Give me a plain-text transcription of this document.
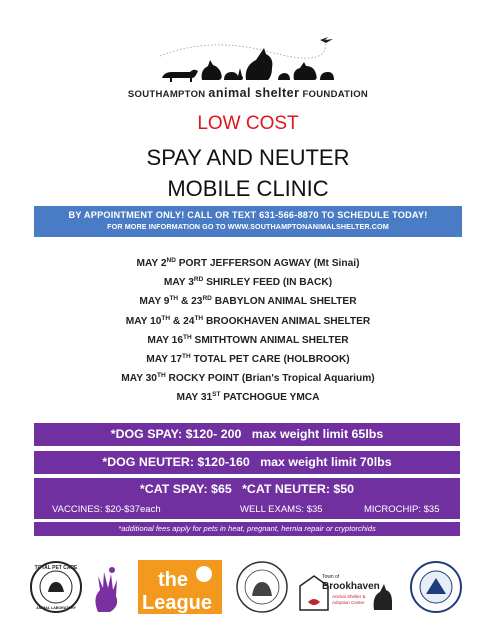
SOUTHAMPTON animal shelter FOUNDATION
LOW COST
SPAY AND NEUTER
MOBILE CLINIC
BY APPOINTMENT ONLY! CALL OR TEXT 631-566-8870 TO SCHEDULE TODAY!
FOR MORE INFORMATION GO TO WWW.SOUTHAMPTONANIMALSHELTER.COM
MAY 2ND PORT JEFFERSON AGWAY (Mt Sinai)
MAY 3RD SHIRLEY FEED (IN BACK)
MAY 9TH & 23RD BABYLON ANIMAL SHELTER
MAY 10TH & 24TH BROOKHAVEN ANIMAL SHELTER
MAY 16TH SMITHTOWN ANIMAL SHELTER
MAY 17TH TOTAL PET CARE (HOLBROOK)
MAY 30TH ROCKY POINT (Brian's Tropical Aquarium)
MAY 31ST PATCHOGUE YMCA
*DOG SPAY: $120- 200   max weight limit 65lbs
*DOG NEUTER: $120-160   max weight limit 70lbs
*CAT SPAY: $65   *CAT NEUTER: $50
VACCINES: $20-$37each	WELL EXAMS: $35	MICROCHIP: $35
*additional fees apply for pets in heat, pregnant, hernia repair or cryptorchids
TOTAL PET CARE
ANIMAL LABORATORY
the
League
Town of
Brookhaven
Animal Shelter &
Adoption Center
